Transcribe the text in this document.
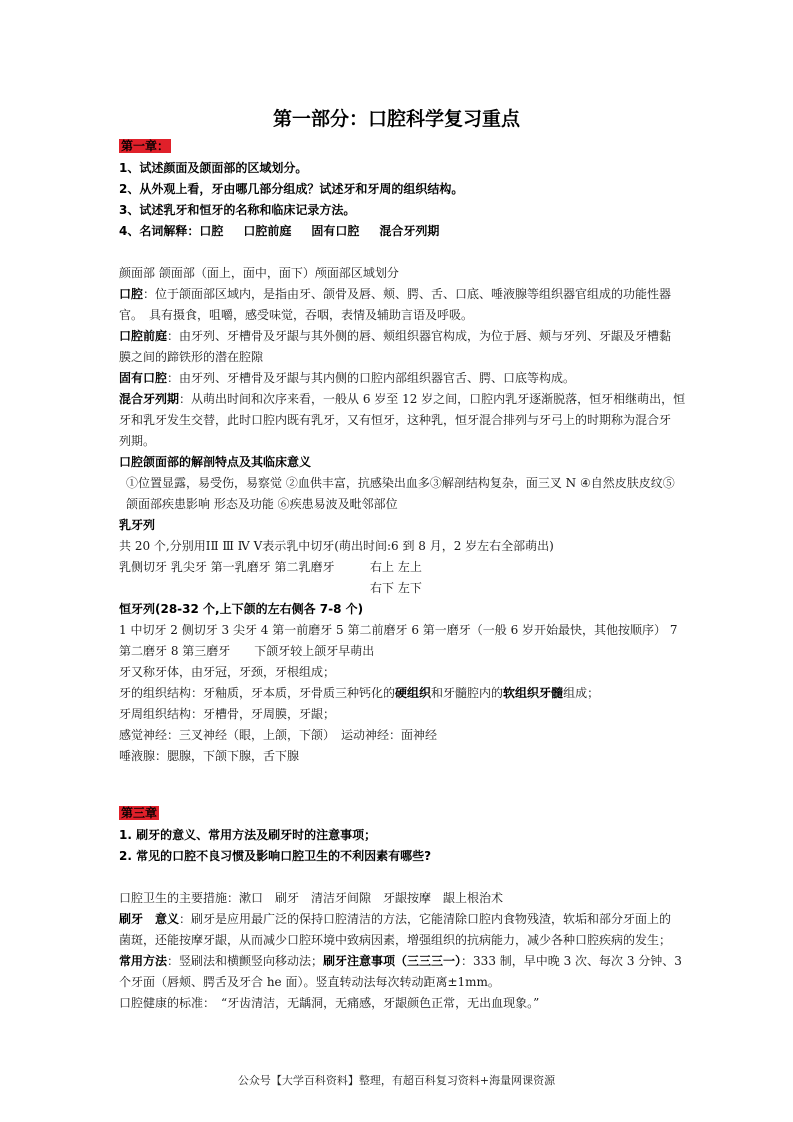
第一部分：口腔科学复习重点
第一章：
1、试述颜面及颌面部的区域划分。
2、从外观上看，牙由哪几部分组成？试述牙和牙周的组织结构。
3、试述乳牙和恒牙的名称和临床记录方法。
4、名词解释：口腔 口腔前庭 固有口腔 混合牙列期
颜面部 颌面部（面上，面中，面下）颅面部区域划分
口腔：位于颌面部区域内，是指由牙、颌骨及唇、颊、腭、舌、口底、唾液腺等组织器官组成的功能性器
官。　具有摄食，咀嚼，感受味觉，吞咽，表情及辅助言语及呼吸。
口腔前庭：由牙列、牙槽骨及牙龈与其外侧的唇、颊组织器官构成，为位于唇、颊与牙列、牙龈及牙槽黏
膜之间的蹄铁形的潜在腔隙
固有口腔：由牙列、牙槽骨及牙龈与其内侧的口腔内部组织器官舌、腭、口底等构成。
混合牙列期：从萌出时间和次序来看，一般从 6 岁至 12 岁之间，口腔内乳牙逐渐脱落，恒牙相继萌出，恒
牙和乳牙发生交替，此时口腔内既有乳牙，又有恒牙，这种乳，恒牙混合排列与牙弓上的时期称为混合牙
列期。
口腔颌面部的解剖特点及其临床意义
①位置显露，易受伤，易察觉 ②血供丰富，抗感染出血多③解剖结构复杂，面三叉 N ④自然皮肤皮纹⑤
颌面部疾患影响 形态及功能 ⑥疾患易波及毗邻部位
乳牙列
共 20 个,分别用ⅠⅡ Ⅲ Ⅳ Ⅴ表示乳中切牙(萌出时间:6 到 8 月，2 岁左右全部萌出)
乳侧切牙 乳尖牙 第一乳磨牙 第二乳磨牙	右上 左上
右下 左下
恒牙列(28-32 个,上下颌的左右侧各 7-8 个)
1 中切牙 2 侧切牙 3 尖牙 4 第一前磨牙 5 第二前磨牙 6 第一磨牙（一般 6 岁开始最快，其他按顺序） 7
第二磨牙 8 第三磨牙　　下颌牙较上颌牙早萌出
牙又称牙体，由牙冠，牙颈，牙根组成；
牙的组织结构：牙釉质，牙本质，牙骨质三种钙化的硬组织和牙髓腔内的软组织牙髓组成；
牙周组织结构：牙槽骨，牙周膜，牙龈；
感觉神经：三叉神经（眼，上颌，下颌）　运动神经：面神经
唾液腺：腮腺，下颌下腺，舌下腺
第三章
1. 刷牙的意义、常用方法及刷牙时的注意事项；
2. 常见的口腔不良习惯及影响口腔卫生的不利因素有哪些?
口腔卫生的主要措施：漱口　刷牙　清洁牙间隙　牙龈按摩　龈上根治术
刷牙 意义：刷牙是应用最广泛的保持口腔清洁的方法，它能清除口腔内食物残渣，软垢和部分牙面上的
菌斑，还能按摩牙龈，从而减少口腔环境中致病因素，增强组织的抗病能力，减少各种口腔疾病的发生；
常用方法：竖刷法和横颤竖向移动法；刷牙注意事项（三三三一）：333 制，早中晚 3 次、每次 3 分钟、3
个牙面（唇颊、腭舌及牙合 he 面）。竖直转动法每次转动距离±1mm。
口腔健康的标准：　“牙齿清洁，无龋洞，无痛感，牙龈颜色正常，无出血现象。”
公众号【大学百科资料】整理，有超百科复习资料+海量网课资源
